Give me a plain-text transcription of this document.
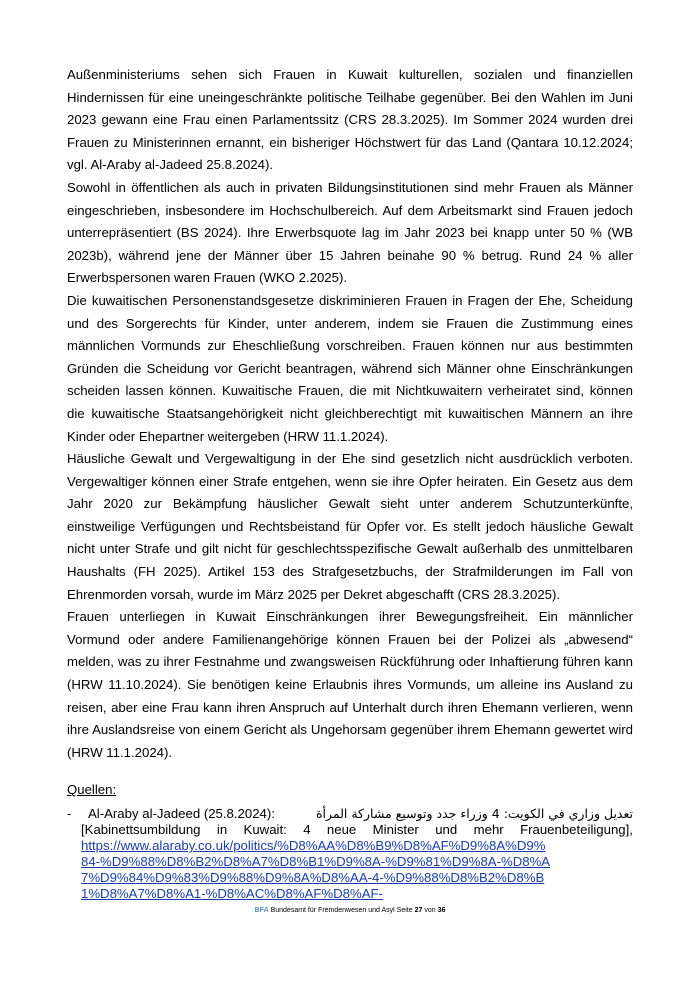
Außenministeriums sehen sich Frauen in Kuwait kulturellen, sozialen und finanziellen Hindernissen für eine uneingeschränkte politische Teilhabe gegenüber. Bei den Wahlen im Juni 2023 gewann eine Frau einen Parlamentssitz (CRS 28.3.2025). Im Sommer 2024 wurden drei Frauen zu Ministerinnen ernannt, ein bisheriger Höchstwert für das Land (Qantara 10.12.2024; vgl. Al-Araby al-Jadeed 25.8.2024).

Sowohl in öffentlichen als auch in privaten Bildungsinstitutionen sind mehr Frauen als Männer eingeschrieben, insbesondere im Hochschulbereich. Auf dem Arbeitsmarkt sind Frauen jedoch unterrepräsentiert (BS 2024). Ihre Erwerbsquote lag im Jahr 2023 bei knapp unter 50 % (WB 2023b), während jene der Männer über 15 Jahren beinahe 90 % betrug. Rund 24 % aller Erwerbspersonen waren Frauen (WKO 2.2025).

Die kuwaitischen Personenstandsgesetze diskriminieren Frauen in Fragen der Ehe, Scheidung und des Sorgerechts für Kinder, unter anderem, indem sie Frauen die Zustimmung eines männlichen Vormunds zur Eheschließung vorschreiben. Frauen können nur aus bestimmten Gründen die Scheidung vor Gericht beantragen, während sich Männer ohne Einschränkungen scheiden lassen können. Kuwaitische Frauen, die mit Nichtkuwaitern verheiratet sind, können die kuwaitische Staatsangehörigkeit nicht gleichberechtigt mit kuwaitischen Männern an ihre Kinder oder Ehepartner weitergeben (HRW 11.1.2024).

Häusliche Gewalt und Vergewaltigung in der Ehe sind gesetzlich nicht ausdrücklich verboten. Vergewaltiger können einer Strafe entgehen, wenn sie ihre Opfer heiraten. Ein Gesetz aus dem Jahr 2020 zur Bekämpfung häuslicher Gewalt sieht unter anderem Schutzunterkünfte, einstweilige Verfügungen und Rechtsbeistand für Opfer vor. Es stellt jedoch häusliche Gewalt nicht unter Strafe und gilt nicht für geschlechtsspezifische Gewalt außerhalb des unmittelbaren Haushalts (FH 2025). Artikel 153 des Strafgesetzbuchs, der Strafmilderungen im Fall von Ehrenmorden vorsah, wurde im März 2025 per Dekret abgeschafft (CRS 28.3.2025).

Frauen unterliegen in Kuwait Einschränkungen ihrer Bewegungsfreiheit. Ein männlicher Vormund oder andere Familienangehörige können Frauen bei der Polizei als „abwesend“ melden, was zu ihrer Festnahme und zwangsweisen Rückführung oder Inhaftierung führen kann (HRW 11.10.2024). Sie benötigen keine Erlaubnis ihres Vormunds, um alleine ins Ausland zu reisen, aber eine Frau kann ihren Anspruch auf Unterhalt durch ihren Ehemann verlieren, wenn ihre Auslandsreise von einem Gericht als Ungehorsam gegenüber ihrem Ehemann gewertet wird (HRW 11.1.2024).

Quellen:
- Al-Araby al-Jadeed (25.8.2024):	تعديل وزاري في الكويت: 4 وزراء جدد وتوسيع مشاركة المرأة
[Kabinettsumbildung in Kuwait: 4 neue Minister und mehr Frauenbeteiligung],
https://www.alaraby.co.uk/politics/%D8%AA%D8%B9%D8%AF%D9%8A%D9%84-%D9%88%D8%B2%D8%A7%D8%B1%D9%8A-%D9%81%D9%8A-%D8%A7%D9%84%D9%83%D9%88%D9%8A%D8%AA-4-%D9%88%D8%B2%D8%B1%D8%A7%D8%A1-%D8%AC%D8%AF%D8%AF-
BFA Bundesamt für Fremdenwesen und Asyl Seite 27 von 36
